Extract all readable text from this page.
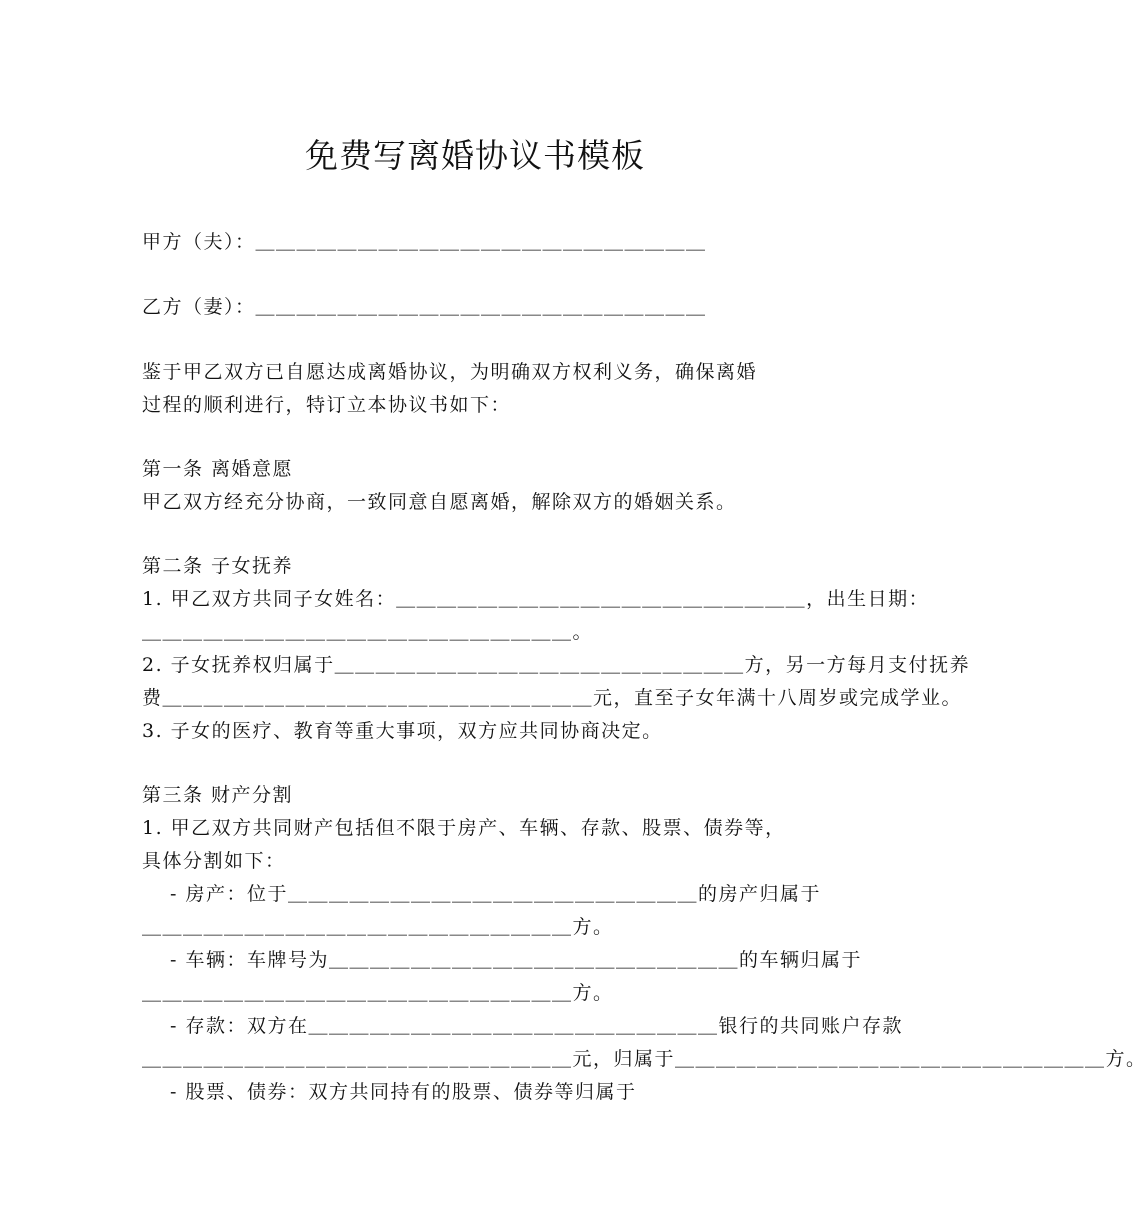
免费写离婚协议书模板
甲方（夫）：＿＿＿＿＿＿＿＿＿＿＿＿＿＿＿＿＿＿＿＿＿＿
乙方（妻）：＿＿＿＿＿＿＿＿＿＿＿＿＿＿＿＿＿＿＿＿＿＿
鉴于甲乙双方已自愿达成离婚协议，为明确双方权利义务，确保离婚
过程的顺利进行，特订立本协议书如下：
第一条 离婚意愿
甲乙双方经充分协商，一致同意自愿离婚，解除双方的婚姻关系。
第二条 子女抚养
1. 甲乙双方共同子女姓名：＿＿＿＿＿＿＿＿＿＿＿＿＿＿＿＿＿＿＿＿，出生日期：
＿＿＿＿＿＿＿＿＿＿＿＿＿＿＿＿＿＿＿＿＿。
2. 子女抚养权归属于＿＿＿＿＿＿＿＿＿＿＿＿＿＿＿＿＿＿＿＿方，另一方每月支付抚养
费＿＿＿＿＿＿＿＿＿＿＿＿＿＿＿＿＿＿＿＿＿元，直至子女年满十八周岁或完成学业。
3. 子女的医疗、教育等重大事项，双方应共同协商决定。
第三条 财产分割
1. 甲乙双方共同财产包括但不限于房产、车辆、存款、股票、债券等，
具体分割如下：
- 房产：位于＿＿＿＿＿＿＿＿＿＿＿＿＿＿＿＿＿＿＿＿的房产归属于
＿＿＿＿＿＿＿＿＿＿＿＿＿＿＿＿＿＿＿＿＿方。
- 车辆：车牌号为＿＿＿＿＿＿＿＿＿＿＿＿＿＿＿＿＿＿＿＿的车辆归属于
＿＿＿＿＿＿＿＿＿＿＿＿＿＿＿＿＿＿＿＿＿方。
- 存款：双方在＿＿＿＿＿＿＿＿＿＿＿＿＿＿＿＿＿＿＿＿银行的共同账户存款
＿＿＿＿＿＿＿＿＿＿＿＿＿＿＿＿＿＿＿＿＿元，归属于＿＿＿＿＿＿＿＿＿＿＿＿＿＿＿＿＿＿＿＿＿方。
- 股票、债券：双方共同持有的股票、债券等归属于
